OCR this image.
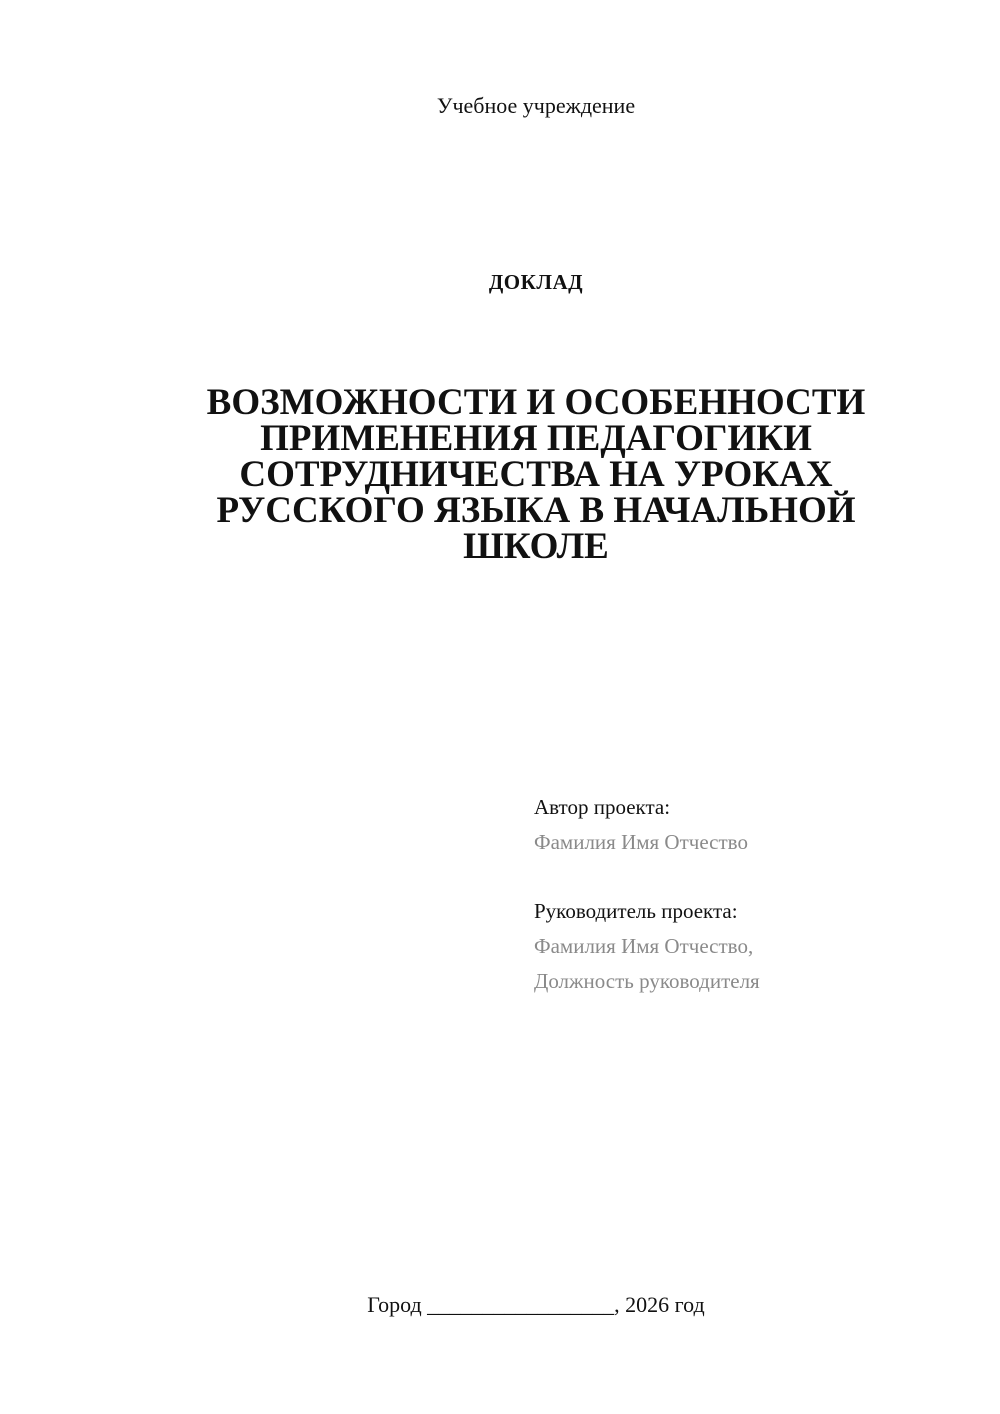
Учебное учреждение
ДОКЛАД
ВОЗМОЖНОСТИ И ОСОБЕННОСТИ
ПРИМЕНЕНИЯ ПЕДАГОГИКИ
СОТРУДНИЧЕСТВА НА УРОКАХ
РУССКОГО ЯЗЫКА В НАЧАЛЬНОЙ
ШКОЛЕ
Автор проекта:
Фамилия Имя Отчество
Руководитель проекта:
Фамилия Имя Отчество,
Должность руководителя
Город _________________, 2026 год
